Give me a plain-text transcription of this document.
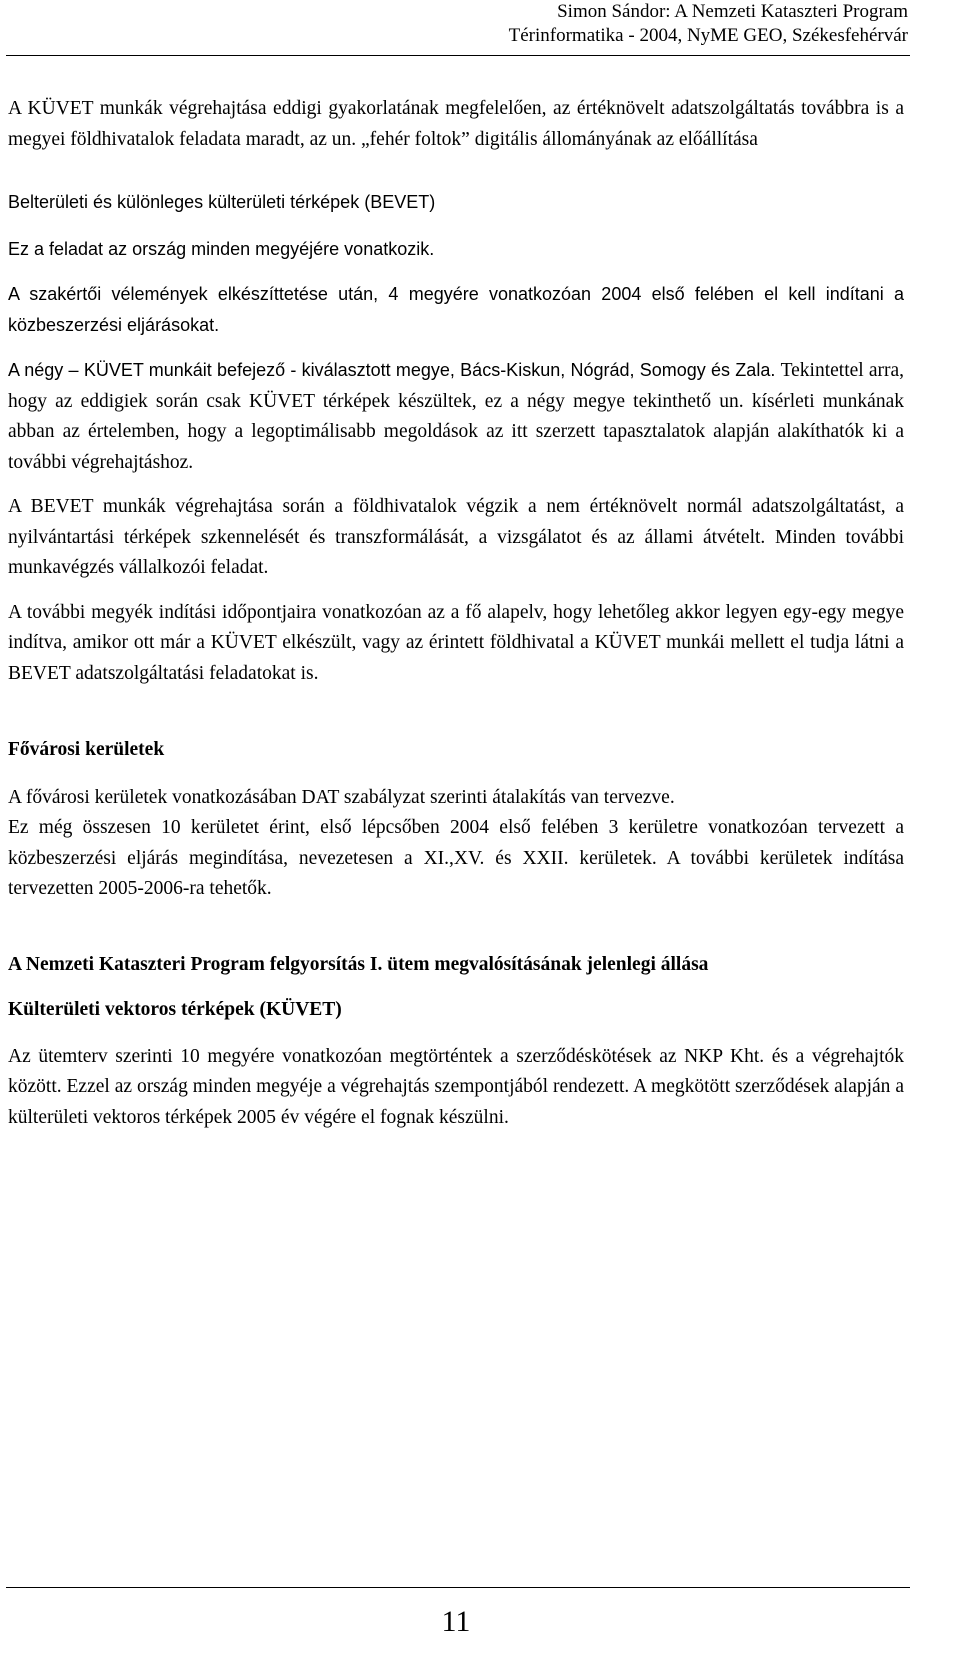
Simon Sándor: A Nemzeti Kataszteri Program
Térinformatika - 2004, NyME GEO, Székesfehérvár

A KÜVET munkák végrehajtása eddigi gyakorlatának megfelelően, az értéknövelt adatszolgáltatás továbbra is a megyei földhivatalok feladata maradt, az un. „fehér foltok” digitális állományának az előállítása

Belterületi és különleges külterületi térképek (BEVET)

Ez a feladat az ország minden megyéjére vonatkozik.

A szakértői vélemények elkészíttetése után, 4 megyére vonatkozóan 2004 első felében el kell indítani a közbeszerzési eljárásokat.

A négy – KÜVET munkáit befejező - kiválasztott megye, Bács-Kiskun, Nógrád, Somogy és Zala. Tekintettel arra, hogy az eddigiek során csak KÜVET térképek készültek, ez a négy megye tekinthető un. kísérleti munkának abban az értelemben, hogy a legoptimálisabb megoldások az itt szerzett tapasztalatok alapján alakíthatók ki a további végrehajtáshoz.

A BEVET munkák végrehajtása során a földhivatalok végzik a nem értéknövelt normál adatszolgáltatást, a nyilvántartási térképek szkennelését és transzformálását, a vizsgálatot és az állami átvételt. Minden további munkavégzés vállalkozói feladat.

A további megyék indítási időpontjaira vonatkozóan az a fő alapelv, hogy lehetőleg akkor legyen egy-egy megye indítva, amikor ott már a KÜVET elkészült, vagy az érintett földhivatal a KÜVET munkái mellett el tudja látni a BEVET adatszolgáltatási feladatokat is.

Fővárosi kerületek

A fővárosi kerületek vonatkozásában DAT szabályzat szerinti átalakítás van tervezve.

Ez még összesen 10 kerületet érint, első lépcsőben 2004 első felében 3 kerületre vonatkozóan tervezett a közbeszerzési eljárás megindítása, nevezetesen a XI.,XV. és XXII. kerületek. A további kerületek indítása tervezetten 2005-2006-ra tehetők.

A Nemzeti Kataszteri Program felgyorsítás I. ütem megvalósításának jelenlegi állása

Külterületi vektoros térképek (KÜVET)

Az ütemterv szerinti 10 megyére vonatkozóan megtörténtek a szerződéskötések az NKP Kht. és a végrehajtók között. Ezzel az ország minden megyéje a végrehajtás szempontjából rendezett. A megkötött szerződések alapján a külterületi vektoros térképek 2005 év végére el fognak készülni.

11
